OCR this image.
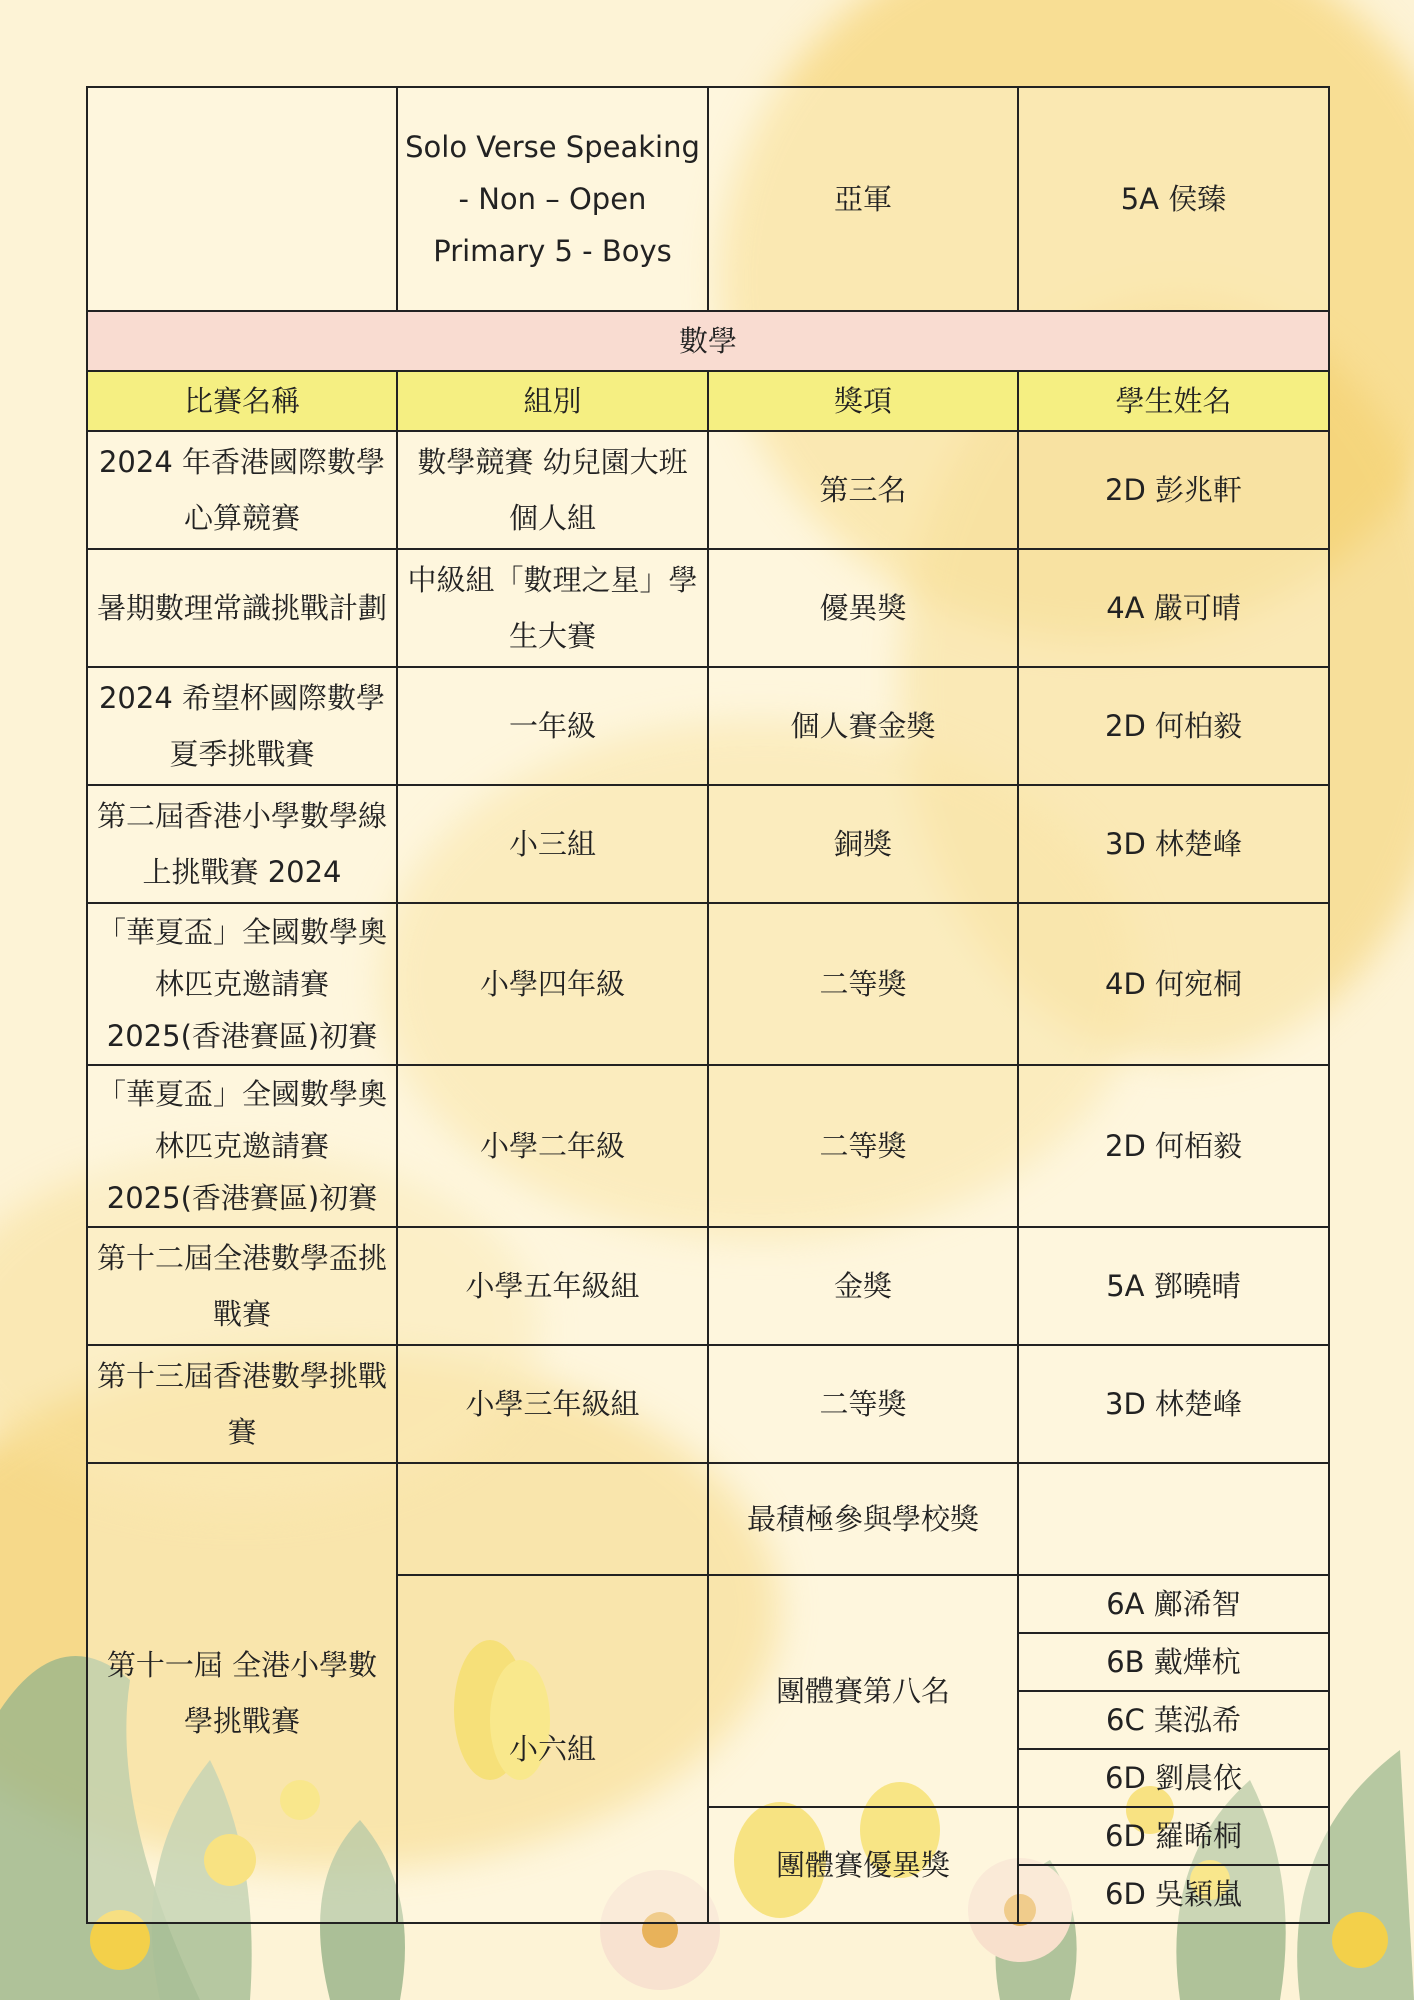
	Solo Verse Speaking - Non – Open Primary 5 - Boys	亞軍	5A 侯臻
數學			
比賽名稱	組別	獎項	學生姓名
2024 年香港國際數學心算競賽	數學競賽 幼兒園大班個人組	第三名	2D 彭兆軒
暑期數理常識挑戰計劃	中級組「數理之星」學生大賽	優異獎	4A 嚴可晴
2024 希望杯國際數學夏季挑戰賽	一年級	個人賽金獎	2D 何柏毅
第二屆香港小學數學線上挑戰賽 2024	小三組	銅獎	3D 林楚峰
「華夏盃」全國數學奧林匹克邀請賽 2025(香港賽區)初賽	小學四年級	二等獎	4D 何宛桐
「華夏盃」全國數學奧林匹克邀請賽 2025(香港賽區)初賽	小學二年級	二等獎	2D 何栢毅
第十二屆全港數學盃挑戰賽	小學五年級組	金獎	5A 鄧曉晴
第十三屆香港數學挑戰賽	小學三年級組	二等獎	3D 林楚峰
第十一屆 全港小學數學挑戰賽		最積極參與學校獎	
	小六組	團體賽第八名	6A 鄺浠智
			6B 戴燁杭
			6C 葉泓希
			6D 劉晨依
		團體賽優異獎	6D 羅晞桐
			6D 吳穎嵐
